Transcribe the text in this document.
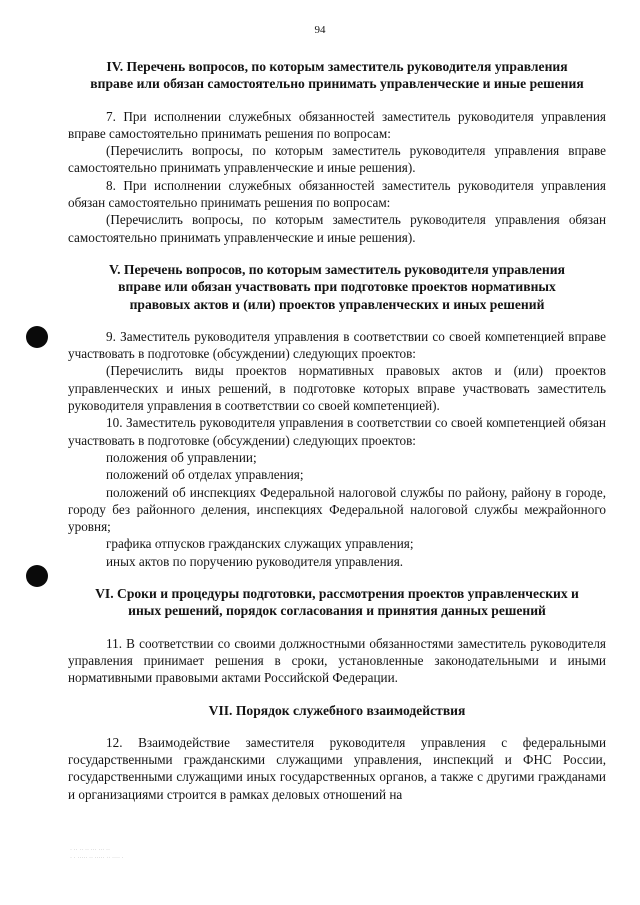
94
IV. Перечень вопросов, по которым заместитель руководителя управления
вправе или обязан самостоятельно принимать управленческие и иные решения

7. При исполнении служебных обязанностей заместитель руководителя управления вправе самостоятельно принимать решения по вопросам:

(Перечислить вопросы, по которым заместитель руководителя управления вправе самостоятельно принимать управленческие и иные решения).

8. При исполнении служебных обязанностей заместитель руководителя управления обязан самостоятельно принимать решения по вопросам:

(Перечислить вопросы, по которым заместитель руководителя управления обязан самостоятельно принимать управленческие и иные решения).

V. Перечень вопросов, по которым заместитель руководителя управления
вправе или обязан участвовать при подготовке проектов нормативных
правовых актов и (или) проектов управленческих и иных решений

9. Заместитель руководителя управления в соответствии со своей компетенцией вправе участвовать в подготовке (обсуждении) следующих проектов:

(Перечислить виды проектов нормативных правовых актов и (или) проектов управленческих и иных решений, в подготовке которых вправе участвовать заместитель руководителя управления в соответствии со своей компетенцией).

10. Заместитель руководителя управления в соответствии со своей компетенцией обязан участвовать в подготовке (обсуждении) следующих проектов:

положения об управлении;

положений об отделах управления;

положений об инспекциях Федеральной налоговой службы по району, району в городе, городу без районного деления, инспекциях Федеральной налоговой службы межрайонного уровня;

графика отпусков гражданских служащих управления;

иных актов по поручению руководителя управления.

VI. Сроки и процедуры подготовки, рассмотрения проектов управленческих и
иных решений, порядок согласования и принятия данных решений

11. В соответствии со своими должностными обязанностями заместитель руководителя управления принимает решения в сроки, установленные законодательными и иными нормативными правовыми актами Российской Федерации.

VII. Порядок служебного взаимодействия

12. Взаимодействие заместителя руководителя управления с федеральными государственными гражданскими служащими управления, инспекций и ФНС России, государственными служащими иных государственных органов, а также с другими гражданами и организациями строится в рамках деловых отношений на

· ·· ·· ·· ··· ··· ··
· · ····· ·· ····· ·· ···· ·
